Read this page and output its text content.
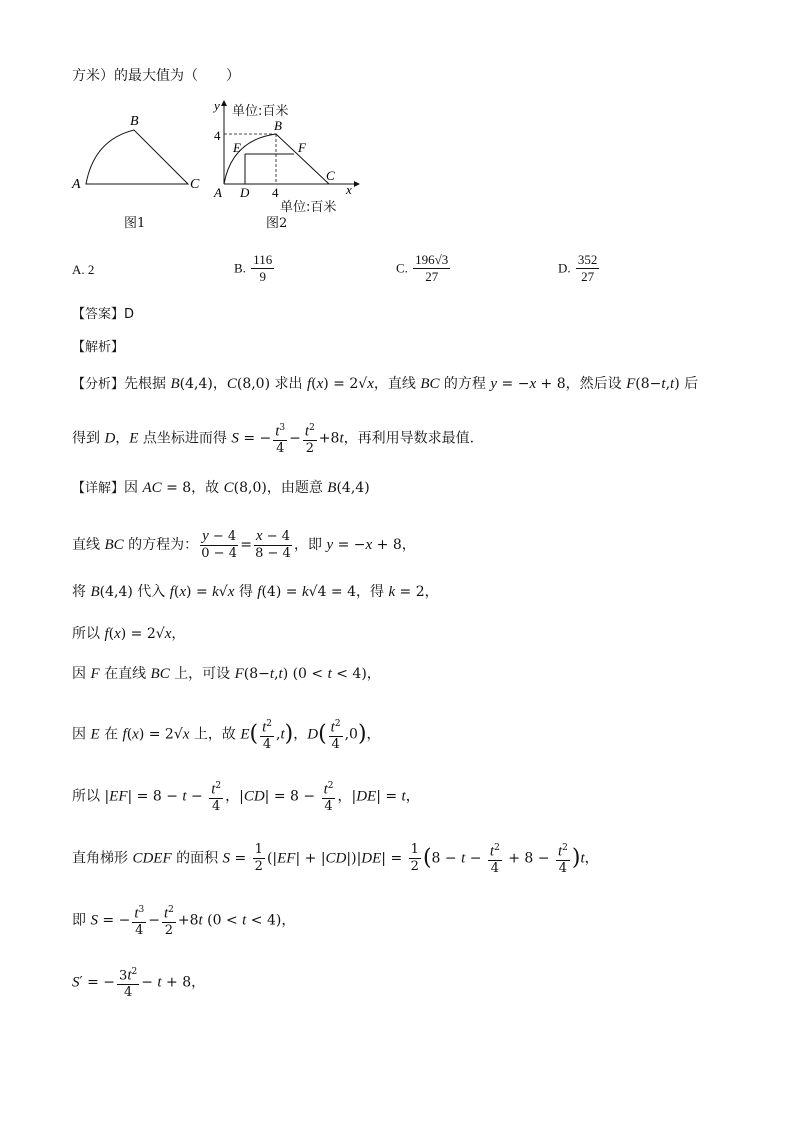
方米）的最大值为（　　）
A
B
C
图1
y
x
4
4
B
E	F
C
A D
单位:百米
单位:百米
图2
A. 2	B. $\frac{116}{9}$	C. $\frac{196√3}{27}$	D. $\frac{352}{27}$
【答案】D
【解析】
【分析】先根据 B(4,4)，C(8,0) 求出 f(x) = 2√x，直线 BC 的方程 y = −x + 8，然后设 F(8−t,t) 后
得到 D，E 点坐标进而得 S = − $\frac{t^3}{4} - \frac{t^2}{2} +8t$，再利用导数求最值.
【详解】因 AC = 8，故 C(8,0)，由题意 B(4,4)
直线 BC 的方程为： $\frac{y - 4}{0 - 4} = \frac{x - 4}{8 - 4}$ ，即 y = −x + 8，
将 B(4,4) 代入 f(x) = k√x 得 f(4) = k√4 = 4，得 k = 2，
所以 f(x) = 2√x，
因 F 在直线 BC 上，可设 F(8−t,t) (0 < t < 4)，
因 E 在 f(x) = 2√x 上，故 $E( \frac{t^2}{4} ,t)$，$D( \frac{t^2}{4} ,0)$，
所以 $|EF| = 8 - t - \frac{t^2}{4}$ ，$|CD| = 8 - \frac{t^2}{4}$ ，|DE| = t，
直角梯形 CDEF 的面积 $S = \frac{1}{2} (|EF| + |CD|)|DE| = \frac{1}{2} (8 - t - \frac{t^2}{4} + 8 - \frac{t^2}{4} )t$，
即 S = − $\frac{t^3}{4} - \frac{t^2}{2} +8t$ (0 < t < 4)，
S′ = − $\frac{3t^2}{4} - t + 8$，
